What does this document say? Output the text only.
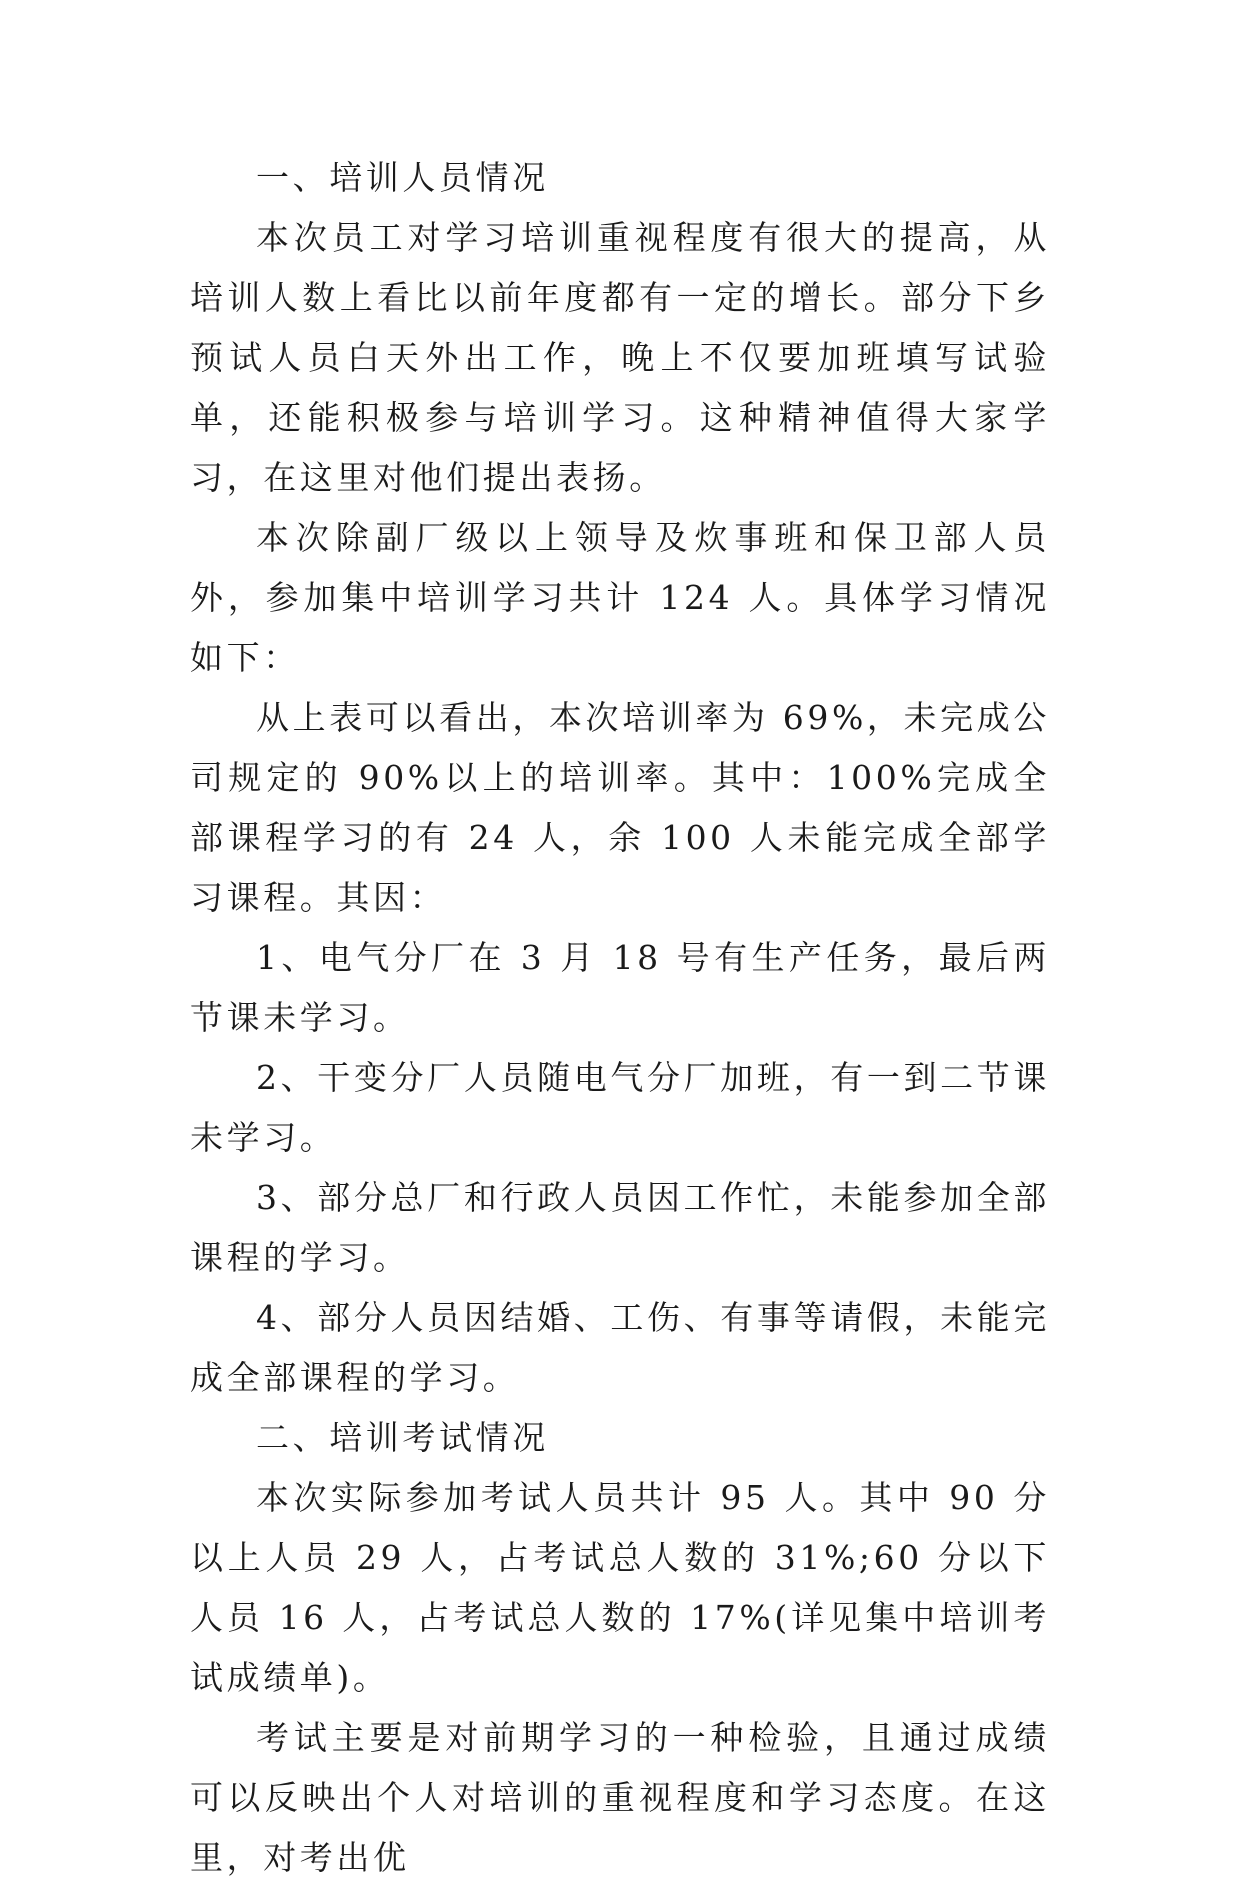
一、培训人员情况

本次员工对学习培训重视程度有很大的提高，从培训人数上看比以前年度都有一定的增长。部分下乡预试人员白天外出工作，晚上不仅要加班填写试验单，还能积极参与培训学习。这种精神值得大家学习，在这里对他们提出表扬。

本次除副厂级以上领导及炊事班和保卫部人员外，参加集中培训学习共计 124 人。具体学习情况如下：

从上表可以看出，本次培训率为 69%，未完成公司规定的 90%以上的培训率。其中：100%完成全部课程学习的有 24 人，余 100 人未能完成全部学习课程。其因：

1、电气分厂在 3 月 18 号有生产任务，最后两节课未学习。

2、干变分厂人员随电气分厂加班，有一到二节课未学习。

3、部分总厂和行政人员因工作忙，未能参加全部课程的学习。

4、部分人员因结婚、工伤、有事等请假，未能完成全部课程的学习。

二、培训考试情况

本次实际参加考试人员共计 95 人。其中 90 分以上人员 29 人，占考试总人数的 31%;60 分以下人员 16 人，占考试总人数的 17%(详见集中培训考试成绩单)。

考试主要是对前期学习的一种检验，且通过成绩可以反映出个人对培训的重视程度和学习态度。在这里，对考出优
